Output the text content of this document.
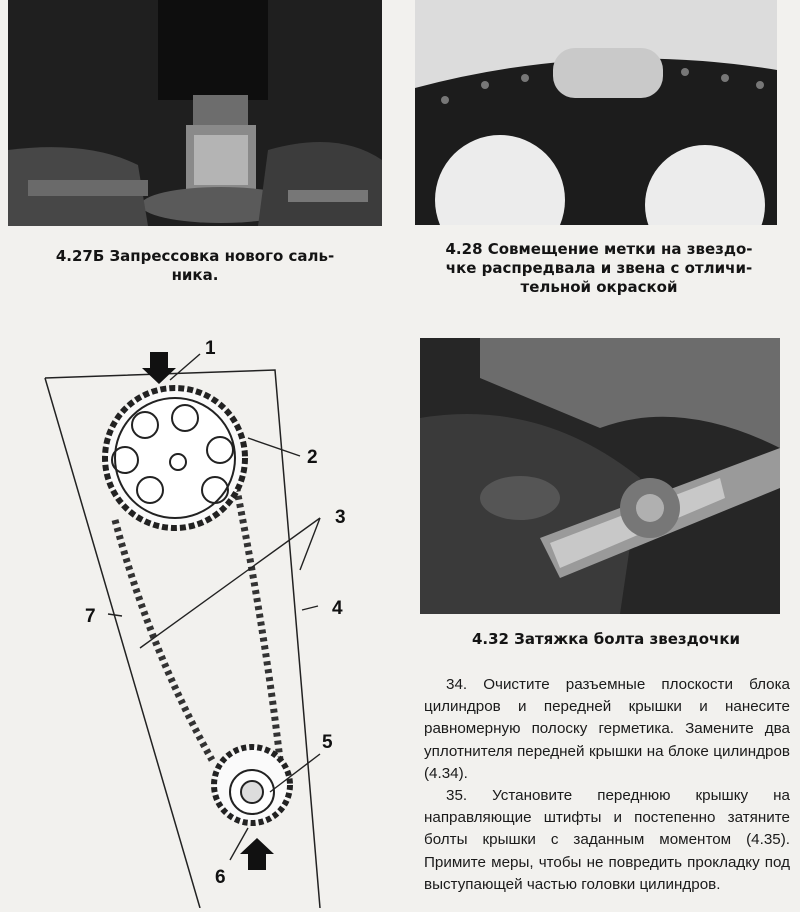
4.27Б Запрессовка нового саль-
ника.
4.28 Совмещение метки на звездо-
чке распредвала и звена с отличи-
тельной окраской
1
2
3
4
5
6
7
4.32 Затяжка болта звездочки

34. Очистите разъемные плоскости блока цилиндров и передней крышки и нанесите равномерную полоску герметика. Замените два уплотнителя передней крышки на блоке цилиндров (4.34).

35. Установите переднюю крышку на направляющие штифты и постепенно затяните болты крышки с заданным моментом (4.35). Примите меры, чтобы не повредить прокладку под выступающей частью головки цилиндров.
